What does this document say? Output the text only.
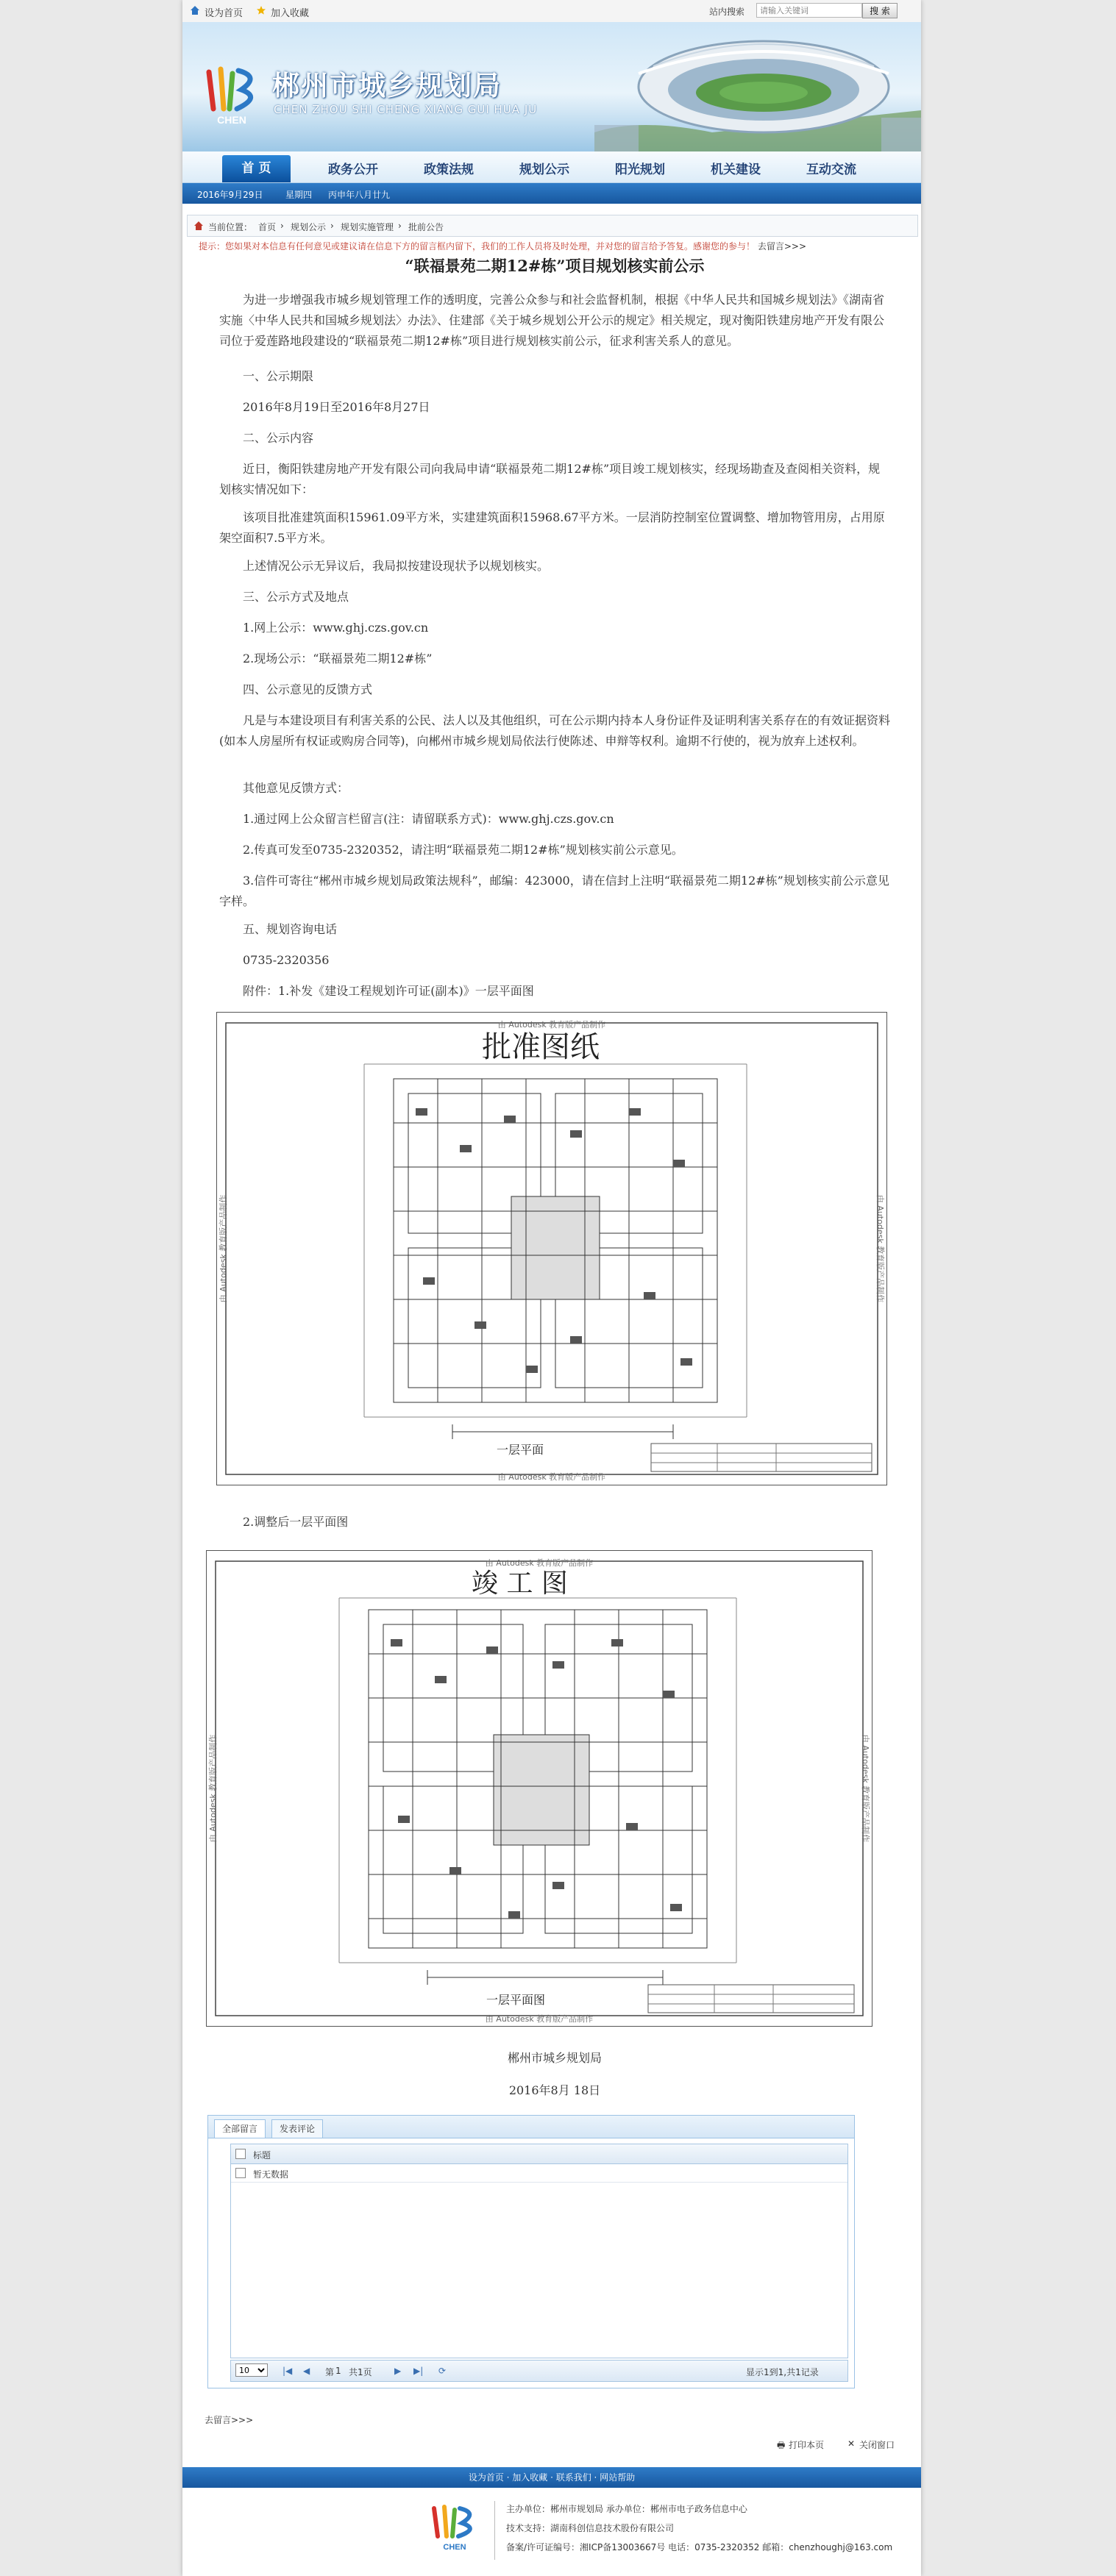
设为首页	加入收藏	站内搜索
请输入关键词	搜 索
CHEN
郴州市城乡规划局
CHEN ZHOU SHI CHENG XIANG GUI HUA JU
首 页	政务公开	政策法规	规划公示	阳光规划	机关建设	互动交流
2016年9月29日	星期四 丙申年八月廿九
当前位置： 首页 › 规划公示 › 规划实施管理 › 批前公告
提示：您如果对本信息有任何意见或建议请在信息下方的留言框内留下，我们的工作人员将及时处理，并对您的留言给予答复。感谢您的参与！ 去留言>>>
“联福景苑二期12#栋”项目规划核实前公示

为进一步增强我市城乡规划管理工作的透明度，完善公众参与和社会监督机制，根据《中华人民共和国城乡规划法》《湖南省实施〈中华人民共和国城乡规划法〉办法》、住建部《关于城乡规划公开公示的规定》相关规定，现对衡阳铁建房地产开发有限公司位于爱莲路地段建设的“联福景苑二期12#栋”项目进行规划核实前公示，征求利害关系人的意见。

一、公示期限

2016年8月19日至2016年8月27日

二、公示内容

近日，衡阳铁建房地产开发有限公司向我局申请“联福景苑二期12#栋”项目竣工规划核实，经现场勘查及查阅相关资料，规划核实情况如下：

该项目批准建筑面积15961.09平方米，实建建筑面积15968.67平方米。一层消防控制室位置调整、增加物管用房，占用原架空面积7.5平方米。

上述情况公示无异议后，我局拟按建设现状予以规划核实。

三、公示方式及地点

1.网上公示：www.ghj.czs.gov.cn

2.现场公示：“联福景苑二期12#栋”

四、公示意见的反馈方式

凡是与本建设项目有利害关系的公民、法人以及其他组织，可在公示期内持本人身份证件及证明利害关系存在的有效证据资料(如本人房屋所有权证或购房合同等)，向郴州市城乡规划局依法行使陈述、申辩等权利。逾期不行使的，视为放弃上述权利。

其他意见反馈方式：

1.通过网上公众留言栏留言(注：请留联系方式)：www.ghj.czs.gov.cn

2.传真可发至0735-2320352，请注明“联福景苑二期12#栋”规划核实前公示意见。

3.信件可寄往“郴州市城乡规划局政策法规科”，邮编：423000，请在信封上注明“联福景苑二期12#栋”规划核实前公示意见字样。

五、规划咨询电话

0735-2320356

附件：1.补发《建设工程规划许可证(副本)》一层平面图

由 Autodesk 教育版产品制作
由 Autodesk 教育版产品制作
由 Autodesk 教育版产品制作	由 Autodesk 教育版产品制作
批准图纸
一层平面

2.调整后一层平面图

由 Autodesk 教育版产品制作
由 Autodesk 教育版产品制作
由 Autodesk 教育版产品制作	由 Autodesk 教育版产品制作
竣 工 图
一层平面图
郴州市城乡规划局
2016年8月 18日
全部留言	发表评论
标题
暂无数据
10
|◀ ◀ 第 1 共1页	▶ ▶| ⟳	显示1到1,共1记录
去留言>>>
🖶 打印本页	✕ 关闭窗口
设为首页 · 加入收藏 · 联系我们 · 网站帮助
CHEN
主办单位：郴州市规划局 承办单位：郴州市电子政务信息中心
技术支持：湖南科创信息技术股份有限公司
备案/许可证编号：湘ICP备13003667号 电话：0735-2320352 邮箱：chenzhoughj@163.com
